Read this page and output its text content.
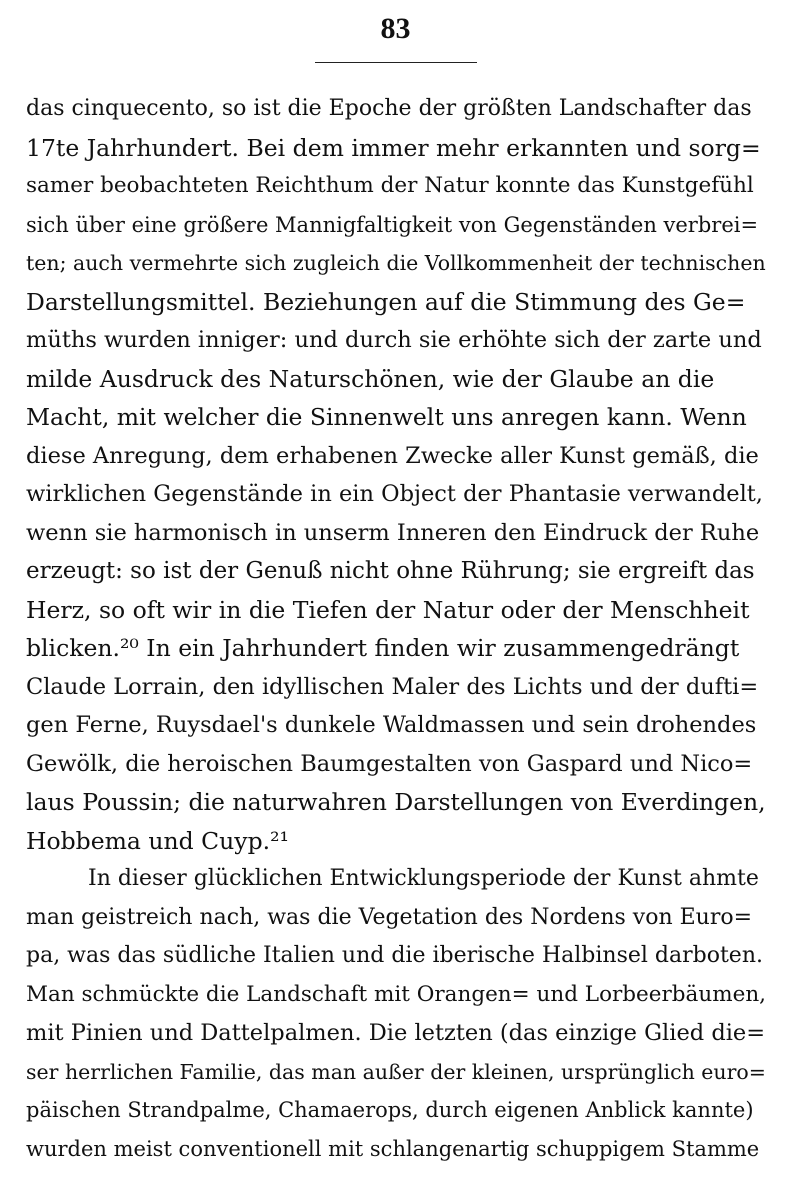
83
das cinquecento, so ist die Epoche der größten Landschafter das
17te Jahrhundert. Bei dem immer mehr erkannten und sorg=
samer beobachteten Reichthum der Natur konnte das Kunstgefühl
sich über eine größere Mannigfaltigkeit von Gegenständen verbrei=
ten; auch vermehrte sich zugleich die Vollkommenheit der technischen
Darstellungsmittel. Beziehungen auf die Stimmung des Ge=
müths wurden inniger: und durch sie erhöhte sich der zarte und
milde Ausdruck des Naturschönen, wie der Glaube an die
Macht, mit welcher die Sinnenwelt uns anregen kann. Wenn
diese Anregung, dem erhabenen Zwecke aller Kunst gemäß, die
wirklichen Gegenstände in ein Object der Phantasie verwandelt,
wenn sie harmonisch in unserm Inneren den Eindruck der Ruhe
erzeugt: so ist der Genuß nicht ohne Rührung; sie ergreift das
Herz, so oft wir in die Tiefen der Natur oder der Menschheit
blicken.²⁰ In ein Jahrhundert finden wir zusammengedrängt
Claude Lorrain, den idyllischen Maler des Lichts und der dufti=
gen Ferne, Ruysdael's dunkele Waldmassen und sein drohendes
Gewölk, die heroischen Baumgestalten von Gaspard und Nico=
laus Poussin; die naturwahren Darstellungen von Everdingen,
Hobbema und Cuyp.²¹
In dieser glücklichen Entwicklungsperiode der Kunst ahmte
man geistreich nach, was die Vegetation des Nordens von Euro=
pa, was das südliche Italien und die iberische Halbinsel darboten.
Man schmückte die Landschaft mit Orangen= und Lorbeerbäumen,
mit Pinien und Dattelpalmen. Die letzten (das einzige Glied die=
ser herrlichen Familie, das man außer der kleinen, ursprünglich euro=
päischen Strandpalme, Chamaerops, durch eigenen Anblick kannte)
wurden meist conventionell mit schlangenartig schuppigem Stamme
